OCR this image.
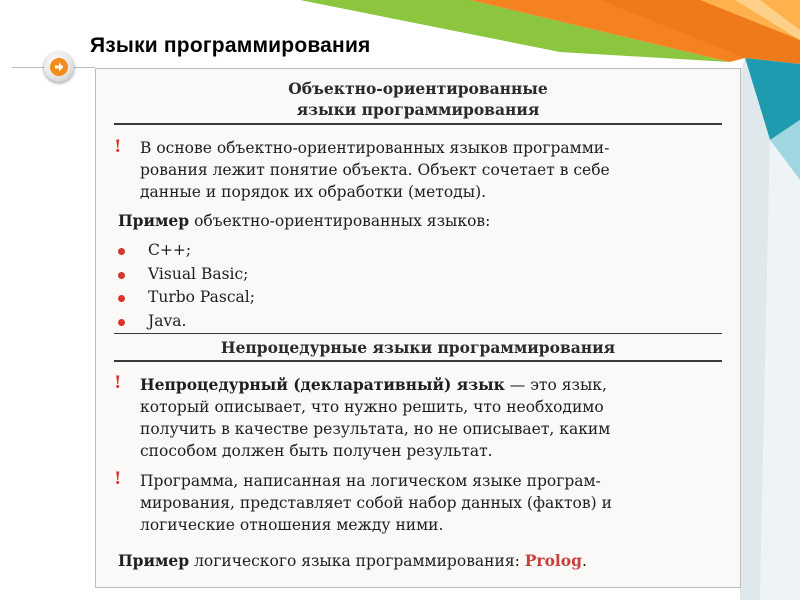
Языки программирования
Объектно-ориентированные
языки программирования
! В основе объектно-ориентированных языков программи-
рования лежит понятие объекта. Объект сочетает в себе
данные и порядок их обработки (методы).
Пример объектно-ориентированных языков:
C++;
Visual Basic;
Turbo Pascal;
Java.
Непроцедурные языки программирования
! Непроцедурный (декларативный) язык — это язык,
который описывает, что нужно решить, что необходимо
получить в качестве результата, но не описывает, каким
способом должен быть получен результат.
! Программа, написанная на логическом языке програм-
мирования, представляет собой набор данных (фактов) и
логические отношения между ними.
Пример логического языка программирования: Prolog.
